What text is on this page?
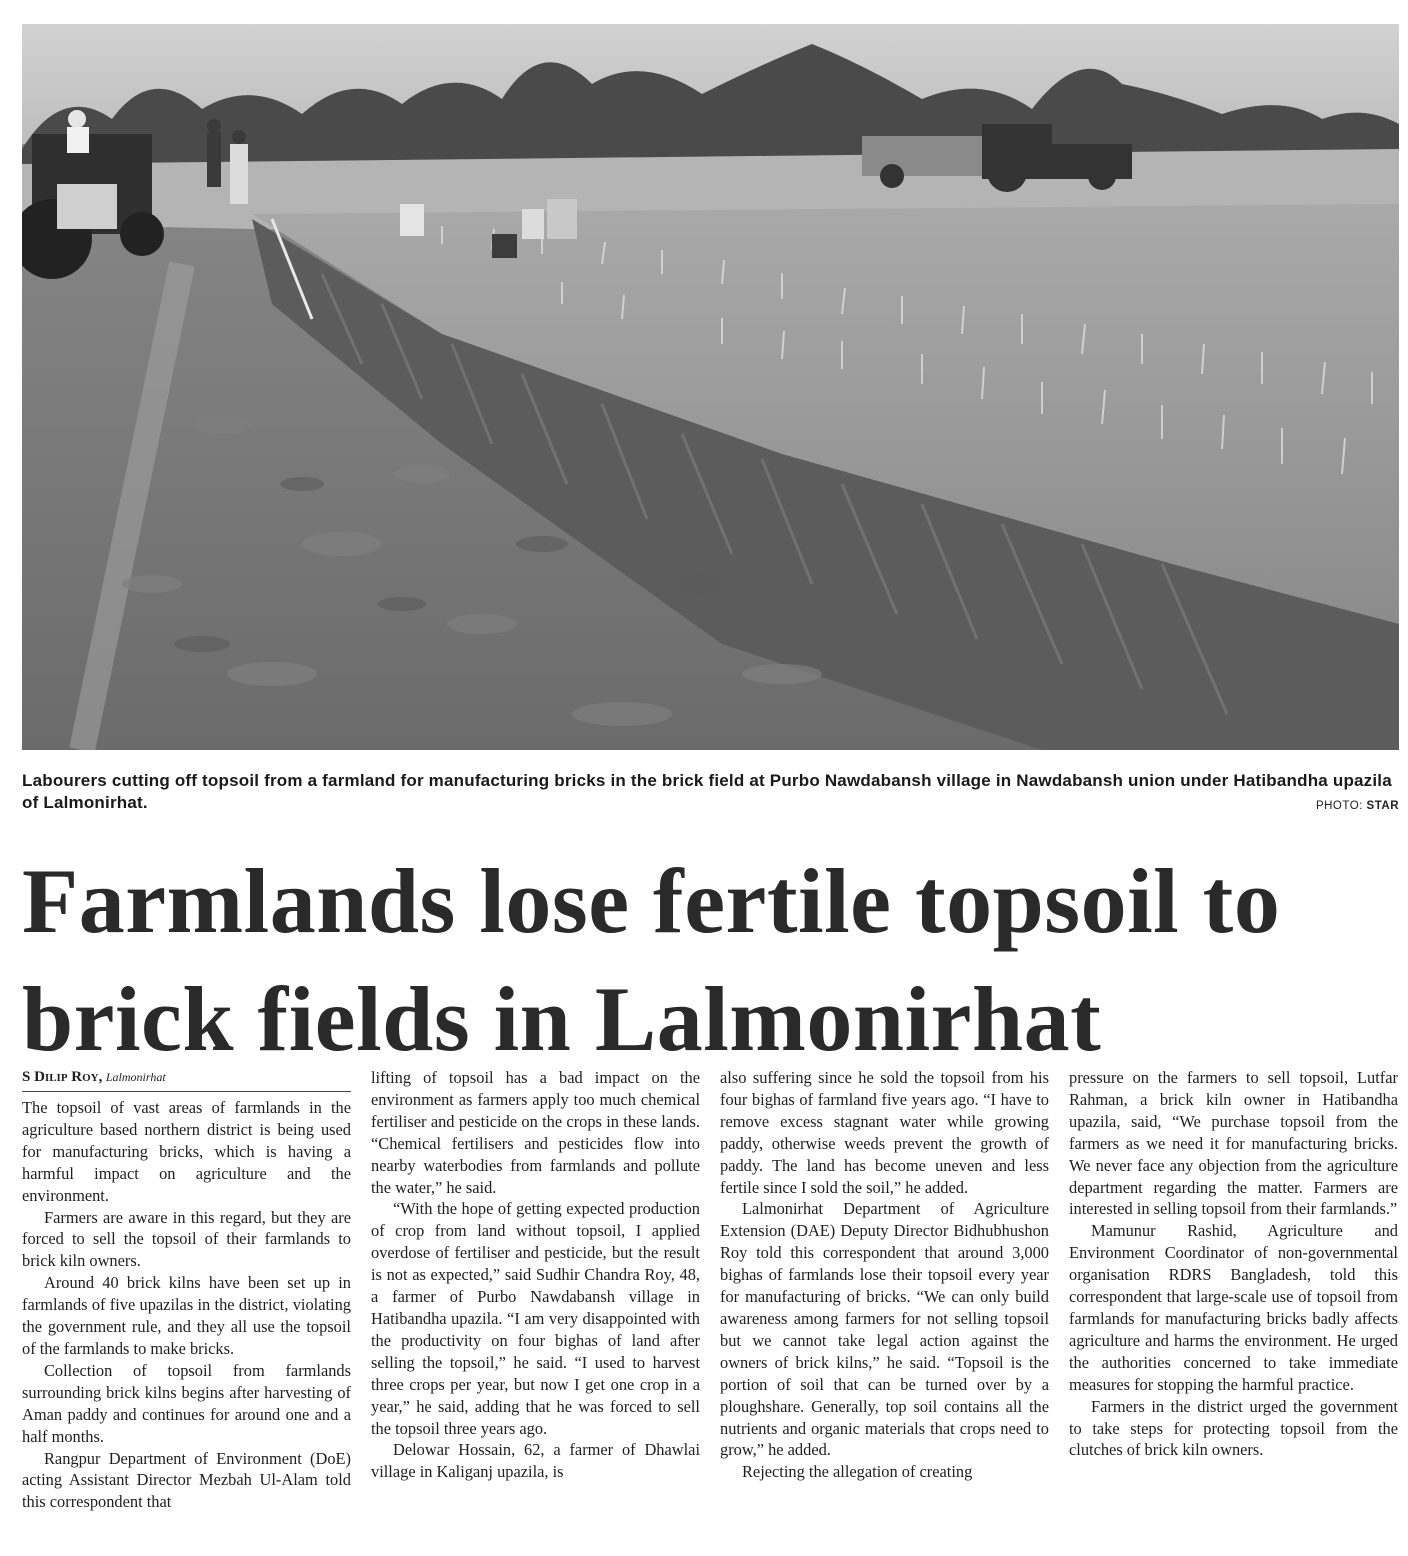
Labourers cutting off topsoil from a farmland for manufacturing bricks in the brick field at Purbo Nawdabansh village in Nawdabansh union under Hatibandha upazila of Lalmonirhat.	PHOTO: STAR
Farmlands lose fertile topsoil to brick fields in Lalmonirhat
S Dilip Roy, Lalmonirhat

The topsoil of vast areas of farmlands in the agriculture based northern district is being used for manufacturing bricks, which is having a harmful impact on agriculture and the environment.

Farmers are aware in this regard, but they are forced to sell the topsoil of their farmlands to brick kiln owners.

Around 40 brick kilns have been set up in farmlands of five upazilas in the district, violating the government rule, and they all use the topsoil of the farmlands to make bricks.

Collection of topsoil from farmlands surrounding brick kilns begins after harvesting of Aman paddy and continues for around one and a half months.

Rangpur Department of Environment (DoE) acting Assistant Director Mezbah Ul-Alam told this correspondent that

lifting of topsoil has a bad impact on the environment as farmers apply too much chemical fertiliser and pesticide on the crops in these lands. “Chemical fertilisers and pesticides flow into nearby waterbodies from farmlands and pollute the water,” he said.

“With the hope of getting expected production of crop from land without topsoil, I applied overdose of fertiliser and pesticide, but the result is not as expected,” said Sudhir Chandra Roy, 48, a farmer of Purbo Nawdabansh village in Hatibandha upazila. “I am very disappointed with the productivity on four bighas of land after selling the topsoil,” he said. “I used to harvest three crops per year, but now I get one crop in a year,” he said, adding that he was forced to sell the topsoil three years ago.

Delowar Hossain, 62, a farmer of Dhawlai village in Kaliganj upazila, is

also suffering since he sold the topsoil from his four bighas of farmland five years ago. “I have to remove excess stagnant water while growing paddy, otherwise weeds prevent the growth of paddy. The land has become uneven and less fertile since I sold the soil,” he added.

Lalmonirhat Department of Agriculture Extension (DAE) Deputy Director Bidhubhushon Roy told this correspondent that around 3,000 bighas of farmlands lose their topsoil every year for manufacturing of bricks. “We can only build awareness among farmers for not selling topsoil but we cannot take legal action against the owners of brick kilns,” he said. “Topsoil is the portion of soil that can be turned over by a ploughshare. Generally, top soil contains all the nutrients and organic materials that crops need to grow,” he added.

Rejecting the allegation of creating

pressure on the farmers to sell topsoil, Lutfar Rahman, a brick kiln owner in Hatibandha upazila, said, “We purchase topsoil from the farmers as we need it for manufacturing bricks. We never face any objection from the agriculture department regarding the matter. Farmers are interested in selling topsoil from their farmlands.”

Mamunur Rashid, Agriculture and Environment Coordinator of non-governmental organisation RDRS Bangladesh, told this correspondent that large-scale use of topsoil from farmlands for manufacturing bricks badly affects agriculture and harms the environment. He urged the authorities concerned to take immediate measures for stopping the harmful practice.

Farmers in the district urged the government to take steps for protecting topsoil from the clutches of brick kiln owners.
